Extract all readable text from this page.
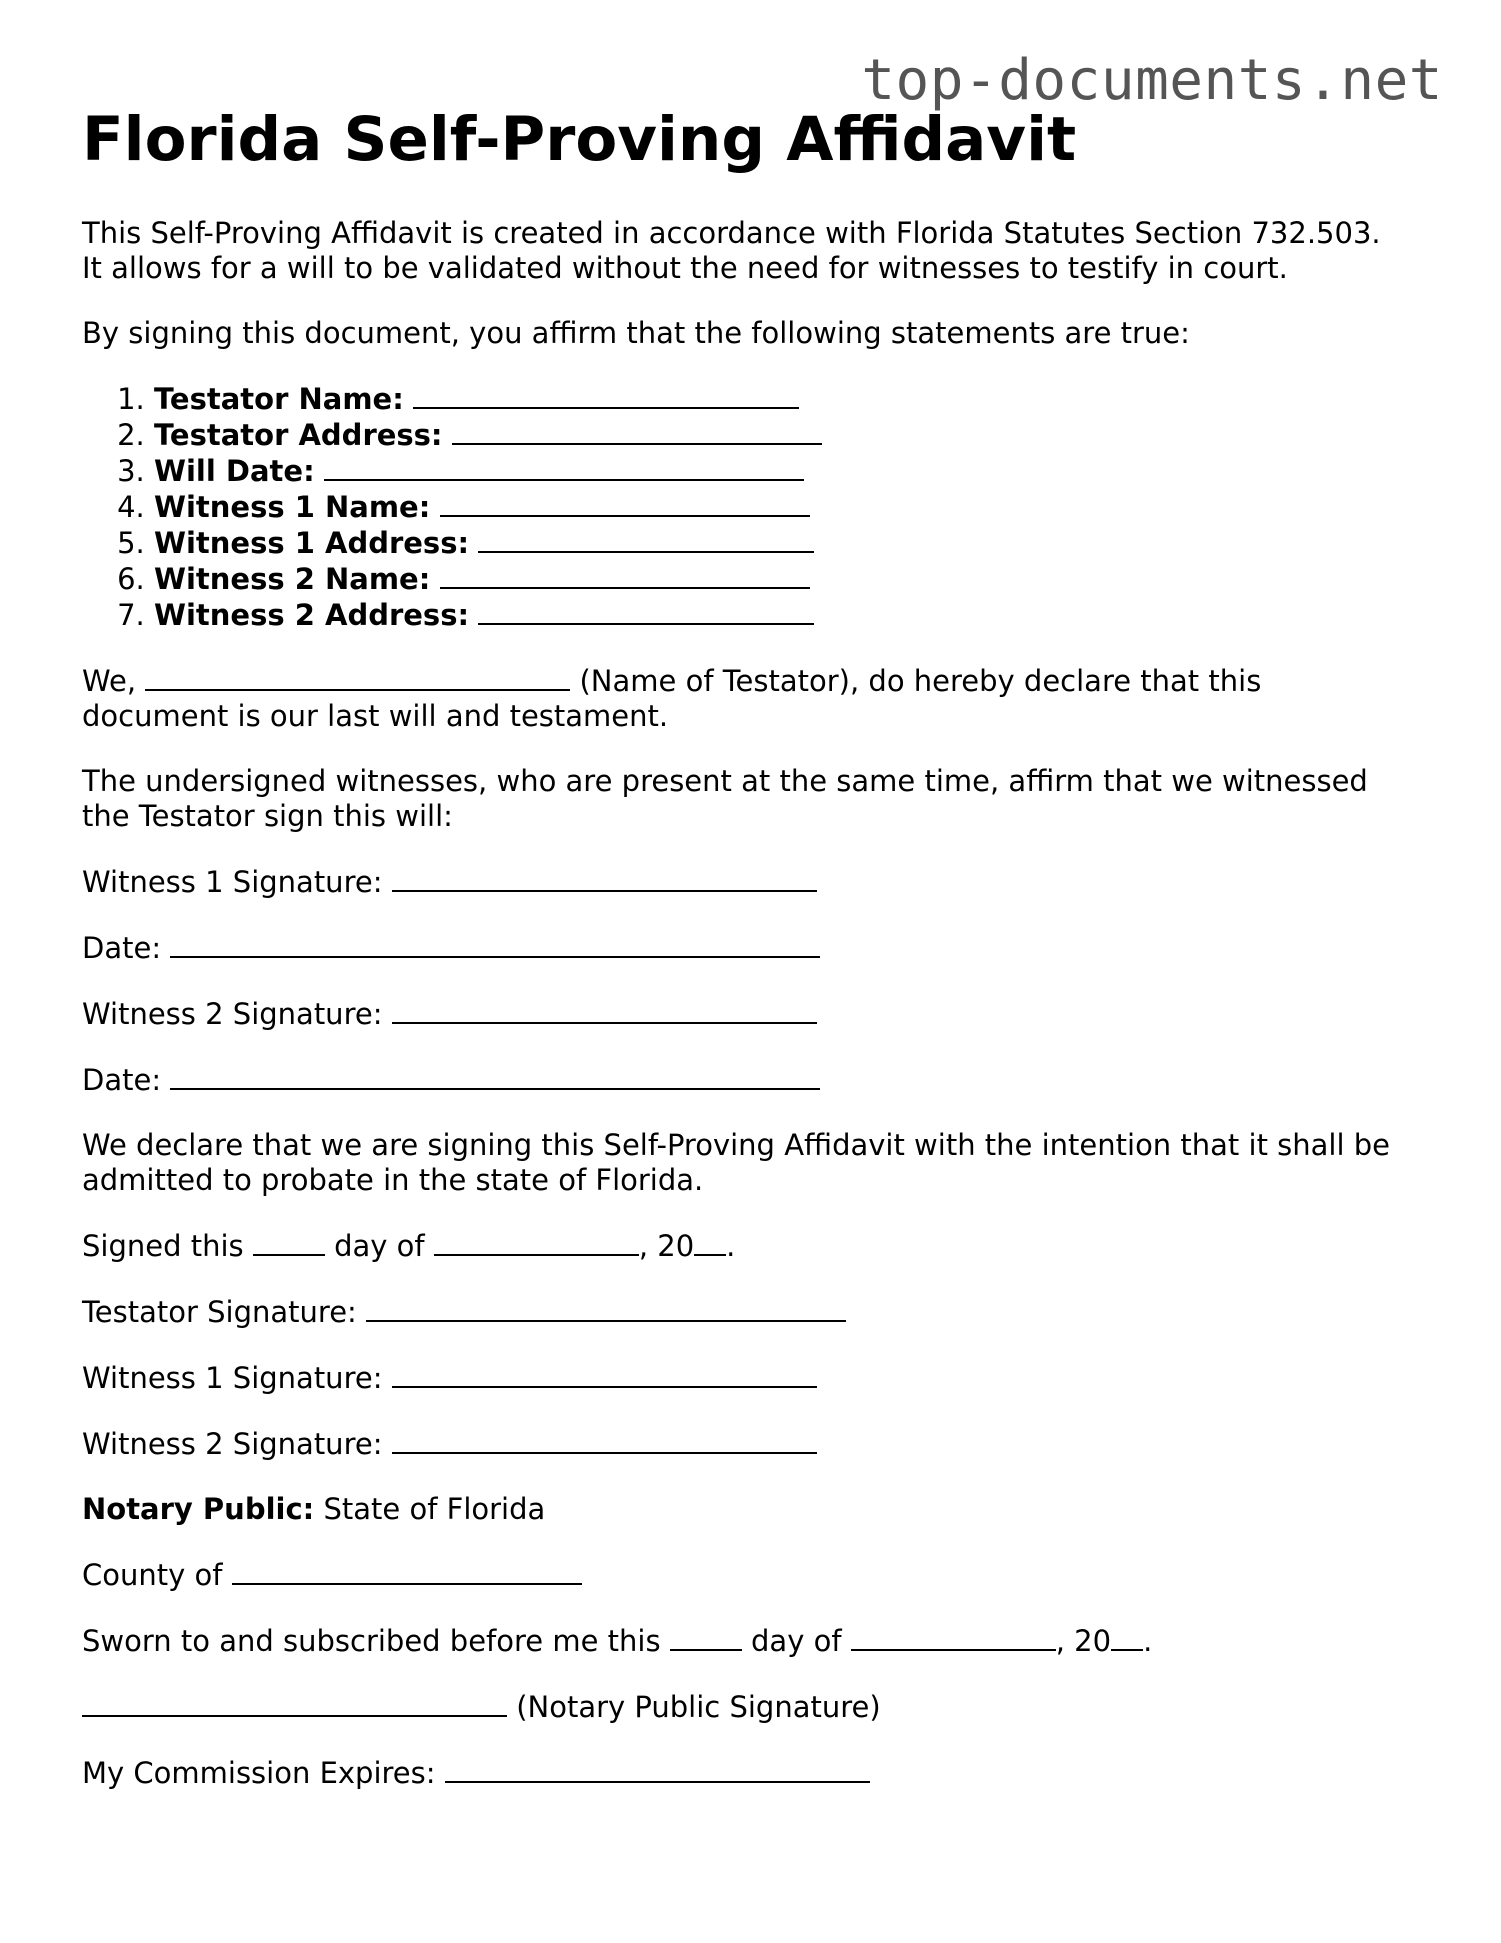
top-documents.net
Florida Self-Proving Affidavit

This Self-Proving Affidavit is created in accordance with Florida Statutes Section 732.503.
It allows for a will to be validated without the need for witnesses to testify in court.

By signing this document, you affirm that the following statements are true:

1. Testator Name:
2. Testator Address:
3. Will Date:
4. Witness 1 Name:
5. Witness 1 Address:
6. Witness 2 Name:
7. Witness 2 Address:

We,	(Name of Testator), do hereby declare that this
document is our last will and testament.

The undersigned witnesses, who are present at the same time, affirm that we witnessed
the Testator sign this will:

Witness 1 Signature:

Date:

Witness 2 Signature:

Date:

We declare that we are signing this Self-Proving Affidavit with the intention that it shall be
admitted to probate in the state of Florida.

Signed this	day of	, 20 .

Testator Signature:

Witness 1 Signature:

Witness 2 Signature:

Notary Public: State of Florida

County of

Sworn to and subscribed before me this	day of	, 20 .

(Notary Public Signature)

My Commission Expires:
